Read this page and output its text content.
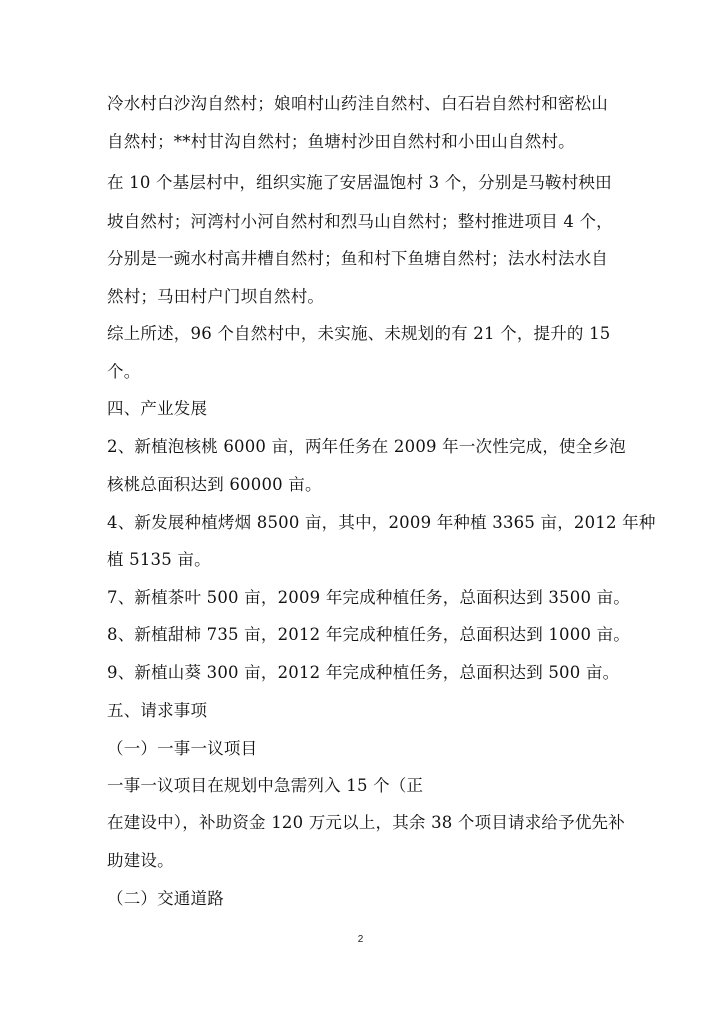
冷水村白沙沟自然村；娘咱村山药洼自然村、白石岩自然村和密松山
自然村；**村甘沟自然村；鱼塘村沙田自然村和小田山自然村。
在 10 个基层村中，组织实施了安居温饱村 3 个，分别是马鞍村秧田
坡自然村；河湾村小河自然村和烈马山自然村；整村推进项目 4 个，
分别是一豌水村高井槽自然村；鱼和村下鱼塘自然村；法水村法水自
然村；马田村户门坝自然村。
综上所述，96 个自然村中，未实施、未规划的有 21 个，提升的 15
个。
四、产业发展
2、新植泡核桃 6000 亩，两年任务在 2009 年一次性完成，使全乡泡
核桃总面积达到 60000 亩。
4、新发展种植烤烟 8500 亩，其中，2009 年种植 3365 亩，2012 年种
植 5135 亩。
7、新植茶叶 500 亩，2009 年完成种植任务，总面积达到 3500 亩。
8、新植甜柿 735 亩，2012 年完成种植任务，总面积达到 1000 亩。
9、新植山葵 300 亩，2012 年完成种植任务，总面积达到 500 亩。
五、请求事项
（一）一事一议项目
一事一议项目在规划中急需列入 15 个（正
在建设中），补助资金 120 万元以上，其余 38 个项目请求给予优先补
助建设。
（二）交通道路
2
